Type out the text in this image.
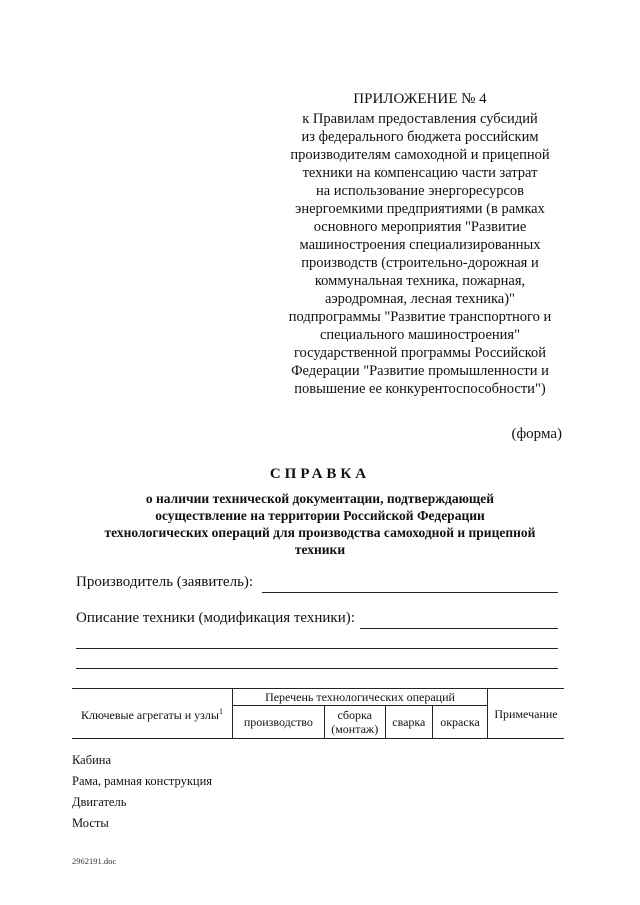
ПРИЛОЖЕНИЕ № 4
к Правилам предоставления субсидий
из федерального бюджета российским
производителям самоходной и прицепной
техники на компенсацию части затрат
на использование энергоресурсов
энергоемкими предприятиями (в рамках
основного мероприятия "Развитие
машиностроения специализированных
производств (строительно-дорожная и
коммунальная техника, пожарная,
аэродромная, лесная техника)"
подпрограммы "Развитие транспортного и
специального машиностроения"
государственной программы Российской
Федерации "Развитие промышленности и
повышение ее конкурентоспособности")
(форма)
СПРАВКА
о наличии технической документации, подтверждающей
осуществление на территории Российской Федерации
технологических операций для производства самоходной и прицепной
техники
Производитель (заявитель):
Описание техники (модификация техники):
Ключевые агрегаты и узлы$^1$	Перечень технологических операций				Примечание
	производство	сборка (монтаж)	сварка	окраска	
Кабина
Рама, рамная конструкция
Двигатель
Мосты
2962191.doc
